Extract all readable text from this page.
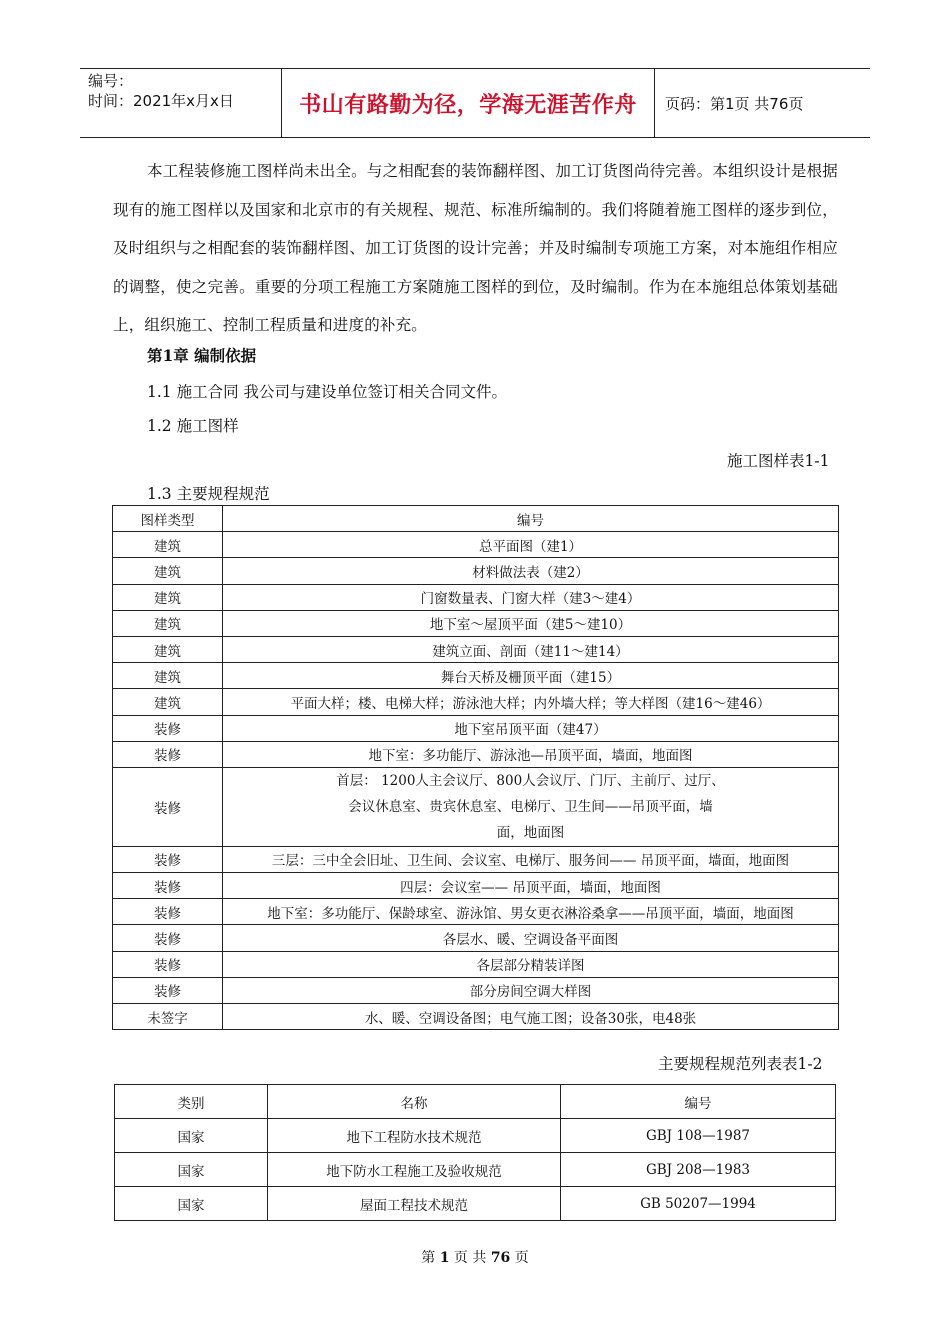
编号：
时间：2021年x月x日	书山有路勤为径，学海无涯苦作舟	页码：第1页 共76页
本工程装修施工图样尚未出全。与之相配套的装饰翻样图、加工订货图尚待完善。本组织设计是根据现有的施工图样以及国家和北京市的有关规程、规范、标准所编制的。我们将随着施工图样的逐步到位，及时组织与之相配套的装饰翻样图、加工订货图的设计完善；并及时编制专项施工方案，对本施组作相应的调整，使之完善。重要的分项工程施工方案随施工图样的到位，及时编制。作为在本施组总体策划基础上，组织施工、控制工程质量和进度的补充。
第1章 编制依据
1.1 施工合同 我公司与建设单位签订相关合同文件。
1.2 施工图样
施工图样表1-1
1.3 主要规程规范
图样类型	编号
建筑	总平面图（建1）
建筑	材料做法表（建2）
建筑	门窗数量表、门窗大样（建3～建4）
建筑	地下室～屋顶平面（建5～建10）
建筑	建筑立面、剖面（建11～建14）
建筑	舞台天桥及栅顶平面（建15）
建筑	平面大样；楼、电梯大样；游泳池大样；内外墙大样；等大样图（建16～建46）
装修	地下室吊顶平面（建47）
装修	地下室：多功能厅、游泳池—吊顶平面，墙面，地面图
装修	首层： 1200人主会议厅、800人会议厅、门厅、主前厅、过厅、
会议休息室、贵宾休息室、电梯厅、卫生间——吊顶平面，墙
面，地面图

装修	三层：三中全会旧址、卫生间、会议室、电梯厅、服务间—— 吊顶平面，墙面，地面图
装修	四层：会议室—— 吊顶平面，墙面，地面图
装修	地下室：多功能厅、保龄球室、游泳馆、男女更衣淋浴桑拿——吊顶平面，墙面，地面图
装修	各层水、暖、空调设备平面图
装修	各层部分精装详图
装修	部分房间空调大样图
未签字	水、暖、空调设备图；电气施工图；设备30张，电48张
主要规程规范列表表1-2
类别	名称	编号
国家	地下工程防水技术规范	GBJ 108—1987
国家	地下防水工程施工及验收规范	GBJ 208—1983
国家	屋面工程技术规范	GB 50207—1994
第 1 页 共 76 页
